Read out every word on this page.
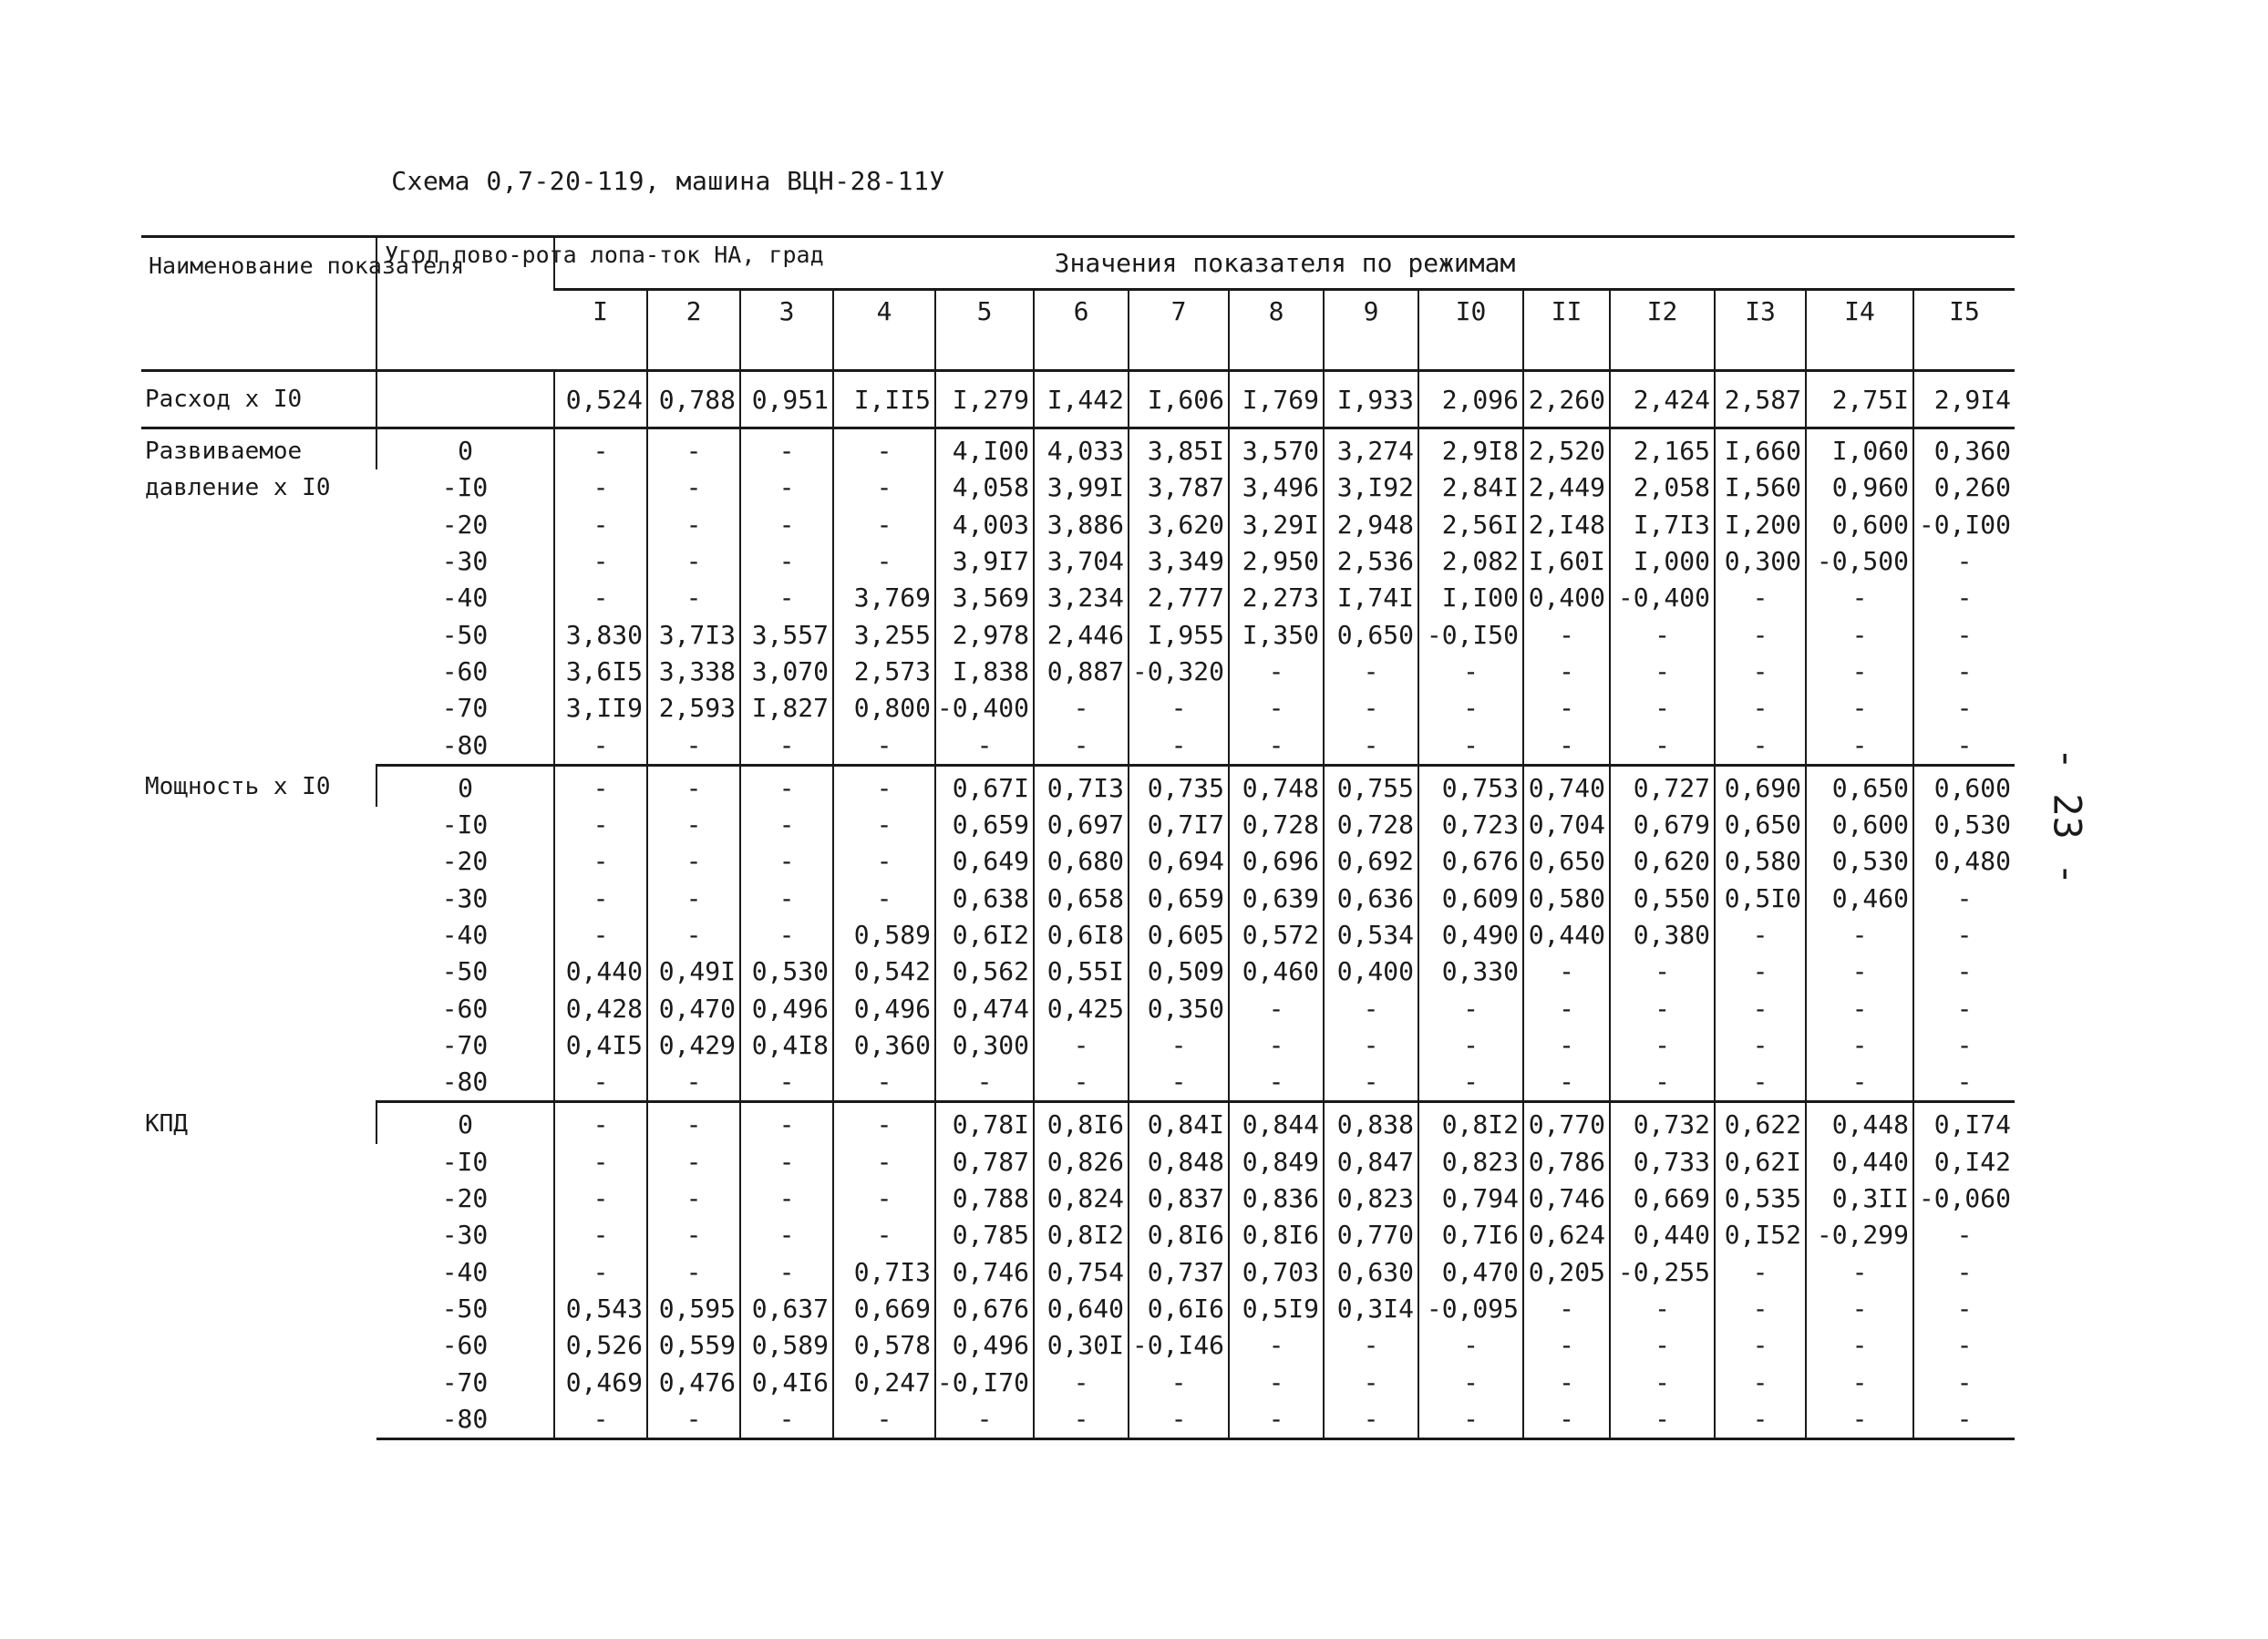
Схема 0,7-20-119, машина ВЦН-28-11У
Наименование показателя	Угол пово-рота лопа-ток НА, град	Значения показателя по режимам														
		I	2	3	4	5	6	7	8	9	I0	II	I2	I3	I4	I5
Расход x I0		0,524	0,788	0,951	I,II5	I,279	I,442	I,606	I,769	I,933	2,096	2,260	2,424	2,587	2,75I	2,9I4
Развиваемое давление x I0	0	-	-	-	-	4,I00	4,033	3,85I	3,570	3,274	2,9I8	2,520	2,165	I,660	I,060	0,360
	-I0	-	-	-	-	4,058	3,99I	3,787	3,496	3,I92	2,84I	2,449	2,058	I,560	0,960	0,260
	-20	-	-	-	-	4,003	3,886	3,620	3,29I	2,948	2,56I	2,I48	I,7I3	I,200	0,600	-0,I00
	-30	-	-	-	-	3,9I7	3,704	3,349	2,950	2,536	2,082	I,60I	I,000	0,300	-0,500	-
	-40	-	-	-	3,769	3,569	3,234	2,777	2,273	I,74I	I,I00	0,400	-0,400	-	-	-
	-50	3,830	3,7I3	3,557	3,255	2,978	2,446	I,955	I,350	0,650	-0,I50	-	-	-	-	-
	-60	3,6I5	3,338	3,070	2,573	I,838	0,887	-0,320	-	-	-	-	-	-	-	-
	-70	3,II9	2,593	I,827	0,800	-0,400	-	-	-	-	-	-	-	-	-	-
	-80	-	-	-	-	-	-	-	-	-	-	-	-	-	-	-
Мощность x I0	0	-	-	-	-	0,67I	0,7I3	0,735	0,748	0,755	0,753	0,740	0,727	0,690	0,650	0,600
	-I0	-	-	-	-	0,659	0,697	0,7I7	0,728	0,728	0,723	0,704	0,679	0,650	0,600	0,530
	-20	-	-	-	-	0,649	0,680	0,694	0,696	0,692	0,676	0,650	0,620	0,580	0,530	0,480
	-30	-	-	-	-	0,638	0,658	0,659	0,639	0,636	0,609	0,580	0,550	0,5I0	0,460	-
	-40	-	-	-	0,589	0,6I2	0,6I8	0,605	0,572	0,534	0,490	0,440	0,380	-	-	-
	-50	0,440	0,49I	0,530	0,542	0,562	0,55I	0,509	0,460	0,400	0,330	-	-	-	-	-
	-60	0,428	0,470	0,496	0,496	0,474	0,425	0,350	-	-	-	-	-	-	-	-
	-70	0,4I5	0,429	0,4I8	0,360	0,300	-	-	-	-	-	-	-	-	-	-
	-80	-	-	-	-	-	-	-	-	-	-	-	-	-	-	-
КПД	0	-	-	-	-	0,78I	0,8I6	0,84I	0,844	0,838	0,8I2	0,770	0,732	0,622	0,448	0,I74
	-I0	-	-	-	-	0,787	0,826	0,848	0,849	0,847	0,823	0,786	0,733	0,62I	0,440	0,I42
	-20	-	-	-	-	0,788	0,824	0,837	0,836	0,823	0,794	0,746	0,669	0,535	0,3II	-0,060
	-30	-	-	-	-	0,785	0,8I2	0,8I6	0,8I6	0,770	0,7I6	0,624	0,440	0,I52	-0,299	-
	-40	-	-	-	0,7I3	0,746	0,754	0,737	0,703	0,630	0,470	0,205	-0,255	-	-	-
	-50	0,543	0,595	0,637	0,669	0,676	0,640	0,6I6	0,5I9	0,3I4	-0,095	-	-	-	-	-
	-60	0,526	0,559	0,589	0,578	0,496	0,30I	-0,I46	-	-	-	-	-	-	-	-
	-70	0,469	0,476	0,4I6	0,247	-0,I70	-	-	-	-	-	-	-	-	-	-
	-80	-	-	-	-	-	-	-	-	-	-	-	-	-	-	-
- 23 -
